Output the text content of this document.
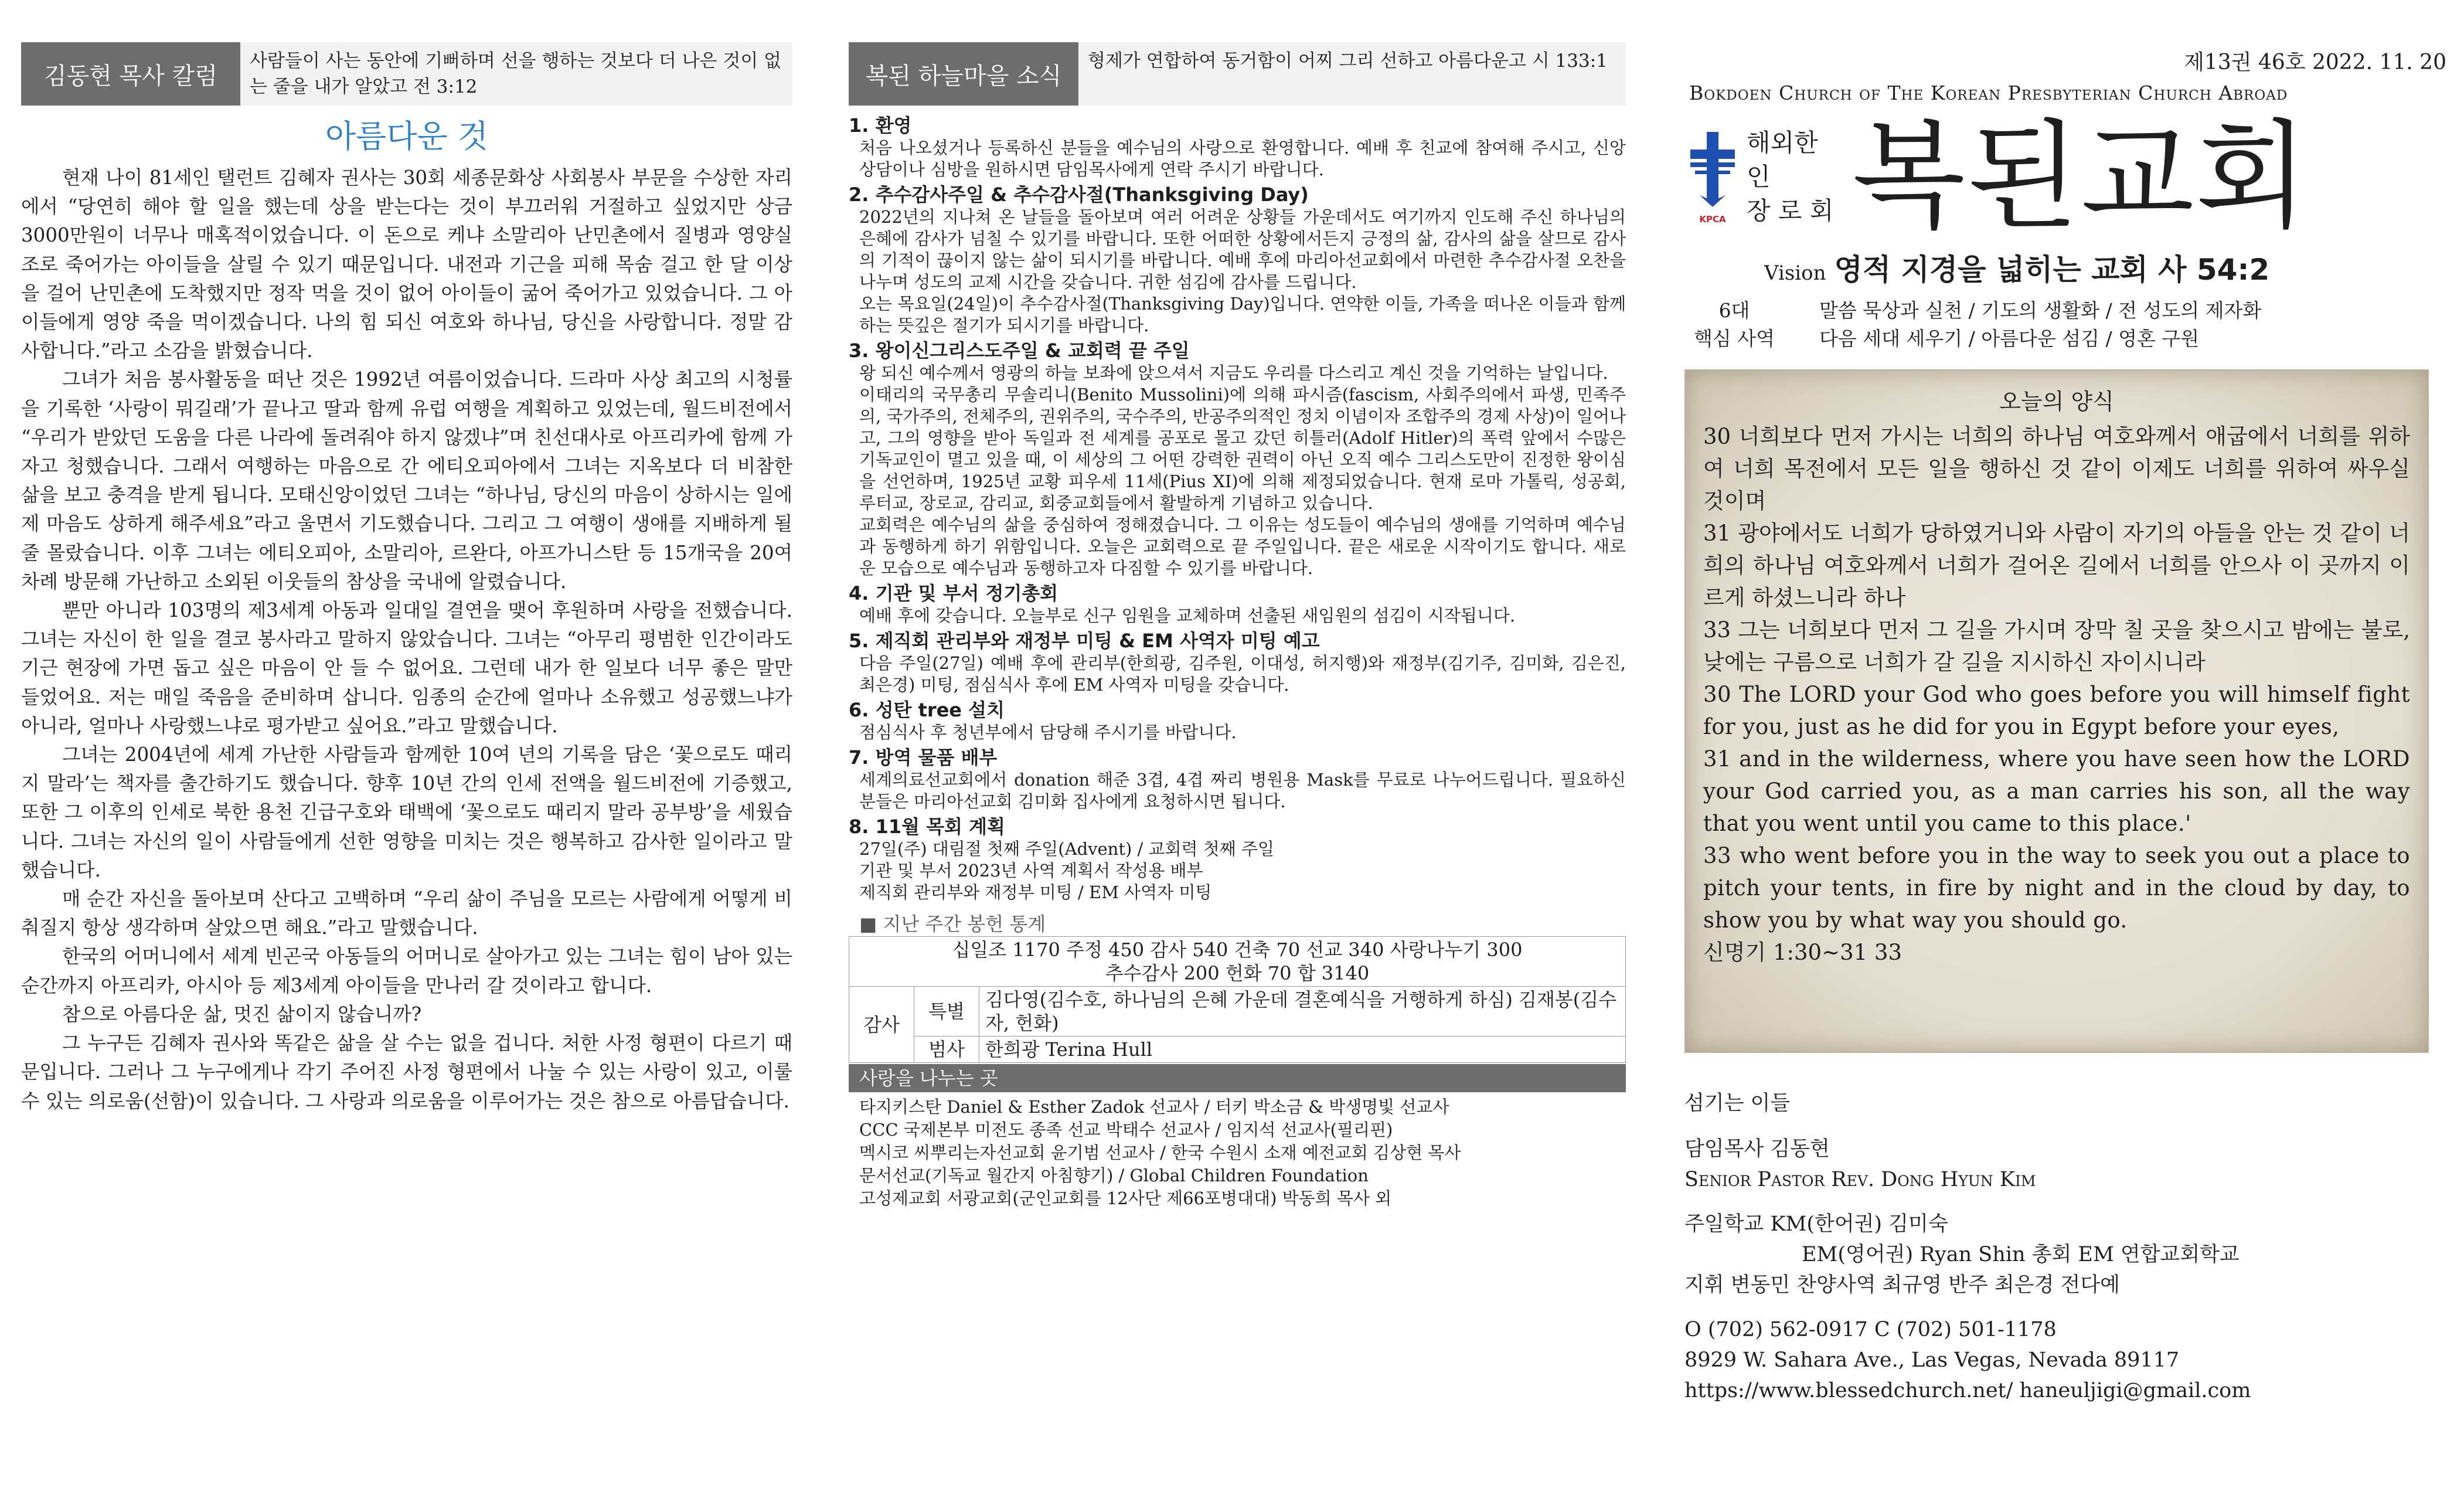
김동현 목사 칼럼
사람들이 사는 동안에 기뻐하며 선을 행하는 것보다 더 나은 것이 없는 줄을 내가 알았고 전 3:12
아름다운 것

현재 나이 81세인 탤런트 김혜자 권사는 30회 세종문화상 사회봉사 부문을 수상한 자리에서 “당연히 해야 할 일을 했는데 상을 받는다는 것이 부끄러워 거절하고 싶었지만 상금 3000만원이 너무나 매혹적이었습니다. 이 돈으로 케냐 소말리아 난민촌에서 질병과 영양실조로 죽어가는 아이들을 살릴 수 있기 때문입니다. 내전과 기근을 피해 목숨 걸고 한 달 이상을 걸어 난민촌에 도착했지만 정작 먹을 것이 없어 아이들이 굶어 죽어가고 있었습니다. 그 아이들에게 영양 죽을 먹이겠습니다. 나의 힘 되신 여호와 하나님, 당신을 사랑합니다. 정말 감사합니다.”라고 소감을 밝혔습니다.

그녀가 처음 봉사활동을 떠난 것은 1992년 여름이었습니다. 드라마 사상 최고의 시청률을 기록한 ‘사랑이 뭐길래’가 끝나고 딸과 함께 유럽 여행을 계획하고 있었는데, 월드비전에서 “우리가 받았던 도움을 다른 나라에 돌려줘야 하지 않겠냐”며 친선대사로 아프리카에 함께 가자고 청했습니다. 그래서 여행하는 마음으로 간 에티오피아에서 그녀는 지옥보다 더 비참한 삶을 보고 충격을 받게 됩니다. 모태신앙이었던 그녀는 “하나님, 당신의 마음이 상하시는 일에 제 마음도 상하게 해주세요”라고 울면서 기도했습니다. 그리고 그 여행이 생애를 지배하게 될 줄 몰랐습니다. 이후 그녀는 에티오피아, 소말리아, 르완다, 아프가니스탄 등 15개국을 20여 차례 방문해 가난하고 소외된 이웃들의 참상을 국내에 알렸습니다.

뿐만 아니라 103명의 제3세계 아동과 일대일 결연을 맺어 후원하며 사랑을 전했습니다. 그녀는 자신이 한 일을 결코 봉사라고 말하지 않았습니다. 그녀는 “아무리 평범한 인간이라도 기근 현장에 가면 돕고 싶은 마음이 안 들 수 없어요. 그런데 내가 한 일보다 너무 좋은 말만 들었어요. 저는 매일 죽음을 준비하며 삽니다. 임종의 순간에 얼마나 소유했고 성공했느냐가 아니라, 얼마나 사랑했느냐로 평가받고 싶어요.”라고 말했습니다.

그녀는 2004년에 세계 가난한 사람들과 함께한 10여 년의 기록을 담은 ‘꽃으로도 때리지 말라’는 책자를 출간하기도 했습니다. 향후 10년 간의 인세 전액을 월드비전에 기증했고, 또한 그 이후의 인세로 북한 용천 긴급구호와 태백에 ‘꽃으로도 때리지 말라 공부방’을 세웠습니다. 그녀는 자신의 일이 사람들에게 선한 영향을 미치는 것은 행복하고 감사한 일이라고 말했습니다.

매 순간 자신을 돌아보며 산다고 고백하며 “우리 삶이 주님을 모르는 사람에게 어떻게 비춰질지 항상 생각하며 살았으면 해요.”라고 말했습니다.

한국의 어머니에서 세계 빈곤국 아동들의 어머니로 살아가고 있는 그녀는 힘이 남아 있는 순간까지 아프리카, 아시아 등 제3세계 아이들을 만나러 갈 것이라고 합니다.

참으로 아름다운 삶, 멋진 삶이지 않습니까?

그 누구든 김혜자 권사와 똑같은 삶을 살 수는 없을 겁니다. 처한 사정 형편이 다르기 때문입니다. 그러나 그 누구에게나 각기 주어진 사정 형편에서 나눌 수 있는 사랑이 있고, 이룰 수 있는 의로움(선함)이 있습니다. 그 사랑과 의로움을 이루어가는 것은 참으로 아름답습니다.

복된 하늘마을 소식
형제가 연합하여 동거함이 어찌 그리 선하고 아름다운고 시 133:1
1. 환영
처음 나오셨거나 등록하신 분들을 예수님의 사랑으로 환영합니다. 예배 후 친교에 참여해 주시고, 신앙 상담이나 심방을 원하시면 담임목사에게 연락 주시기 바랍니다.
2. 추수감사주일 & 추수감사절(Thanksgiving Day)
2022년의 지나쳐 온 날들을 돌아보며 여러 어려운 상황들 가운데서도 여기까지 인도해 주신 하나님의 은혜에 감사가 넘칠 수 있기를 바랍니다. 또한 어떠한 상황에서든지 긍정의 삶, 감사의 삶을 살므로 감사의 기적이 끊이지 않는 삶이 되시기를 바랍니다. 예배 후에 마리아선교회에서 마련한 추수감사절 오찬을 나누며 성도의 교제 시간을 갖습니다. 귀한 섬김에 감사를 드립니다.
오는 목요일(24일)이 추수감사절(Thanksgiving Day)입니다. 연약한 이들, 가족을 떠나온 이들과 함께하는 뜻깊은 절기가 되시기를 바랍니다.
3. 왕이신그리스도주일 & 교회력 끝 주일
왕 되신 예수께서 영광의 하늘 보좌에 앉으셔서 지금도 우리를 다스리고 계신 것을 기억하는 날입니다.
이태리의 국무총리 무솔리니(Benito Mussolini)에 의해 파시즘(fascism, 사회주의에서 파생, 민족주의, 국가주의, 전체주의, 권위주의, 국수주의, 반공주의적인 정치 이념이자 조합주의 경제 사상)이 일어나고, 그의 영향을 받아 독일과 전 세계를 공포로 몰고 갔던 히틀러(Adolf Hitler)의 폭력 앞에서 수많은 기독교인이 멸고 있을 때, 이 세상의 그 어떤 강력한 권력이 아닌 오직 예수 그리스도만이 진정한 왕이심을 선언하며, 1925년 교황 피우세 11세(Pius XI)에 의해 제정되었습니다. 현재 로마 가톨릭, 성공회, 루터교, 장로교, 감리교, 회중교회들에서 활발하게 기념하고 있습니다.
교회력은 예수님의 삶을 중심하여 정해졌습니다. 그 이유는 성도들이 예수님의 생애를 기억하며 예수님과 동행하게 하기 위함입니다. 오늘은 교회력으로 끝 주일입니다. 끝은 새로운 시작이기도 합니다. 새로운 모습으로 예수님과 동행하고자 다짐할 수 있기를 바랍니다.
4. 기관 및 부서 정기총회
예배 후에 갖습니다. 오늘부로 신구 임원을 교체하며 선출된 새임원의 섬김이 시작됩니다.
5. 제직회 관리부와 재정부 미팅 & EM 사역자 미팅 예고
다음 주일(27일) 예배 후에 관리부(한희광, 김주원, 이대성, 허지행)와 재정부(김기주, 김미화, 김은진, 최은경) 미팅, 점심식사 후에 EM 사역자 미팅을 갖습니다.
6. 성탄 tree 설치
점심식사 후 청년부에서 담당해 주시기를 바랍니다.
7. 방역 물품 배부
세계의료선교회에서 donation 해준 3겹, 4겹 짜리 병원용 Mask를 무료로 나누어드립니다. 필요하신 분들은 마리아선교회 김미화 집사에게 요청하시면 됩니다.
8. 11월 목회 계획
27일(주) 대림절 첫째 주일(Advent) / 교회력 첫째 주일
기관 및 부서 2023년 사역 계획서 작성용 배부
제직회 관리부와 재정부 미팅 / EM 사역자 미팅
■ 지난 주간 봉헌 통계
십일조 1170 주정 450 감사 540 건축 70 선교 340 사랑나누기 300
추수감사 200 헌화 70 합 3140		

감사	특별	김다영(김수호, 하나님의 은혜 가운데 결혼예식을 거행하게 하심) 김재봉(김수자, 헌화)
	범사	한희광 Terina Hull
사랑을 나누는 곳
타지키스탄 Daniel & Esther Zadok 선교사 / 터키 박소금 & 박생명빛 선교사
CCC 국제본부 미전도 종족 선교 박태수 선교사 / 임지석 선교사(필리핀)
멕시코 씨뿌리는자선교회 윤기범 선교사 / 한국 수원시 소재 예전교회 김상현 목사
문서선교(기독교 월간지 아침향기) / Global Children Foundation
고성제교회 서광교회(군인교회를 12사단 제66포병대대) 박동희 목사 외
제13권 46호 2022. 11. 20
Bokdoen Church of The Korean Presbyterian Church Abroad
KPCA
해외한인
장 로 회 복된교회
Vision 영적 지경을 넓히는 교회 사 54:2
6대
핵심 사역
말씀 묵상과 실천 / 기도의 생활화 / 전 성도의 제자화
다음 세대 세우기 / 아름다운 섬김 / 영혼 구원
오늘의 양식
30 너희보다 먼저 가시는 너희의 하나님 여호와께서 애굽에서 너희를 위하여 너희 목전에서 모든 일을 행하신 것 같이 이제도 너희를 위하여 싸우실 것이며
31 광야에서도 너희가 당하였거니와 사람이 자기의 아들을 안는 것 같이 너희의 하나님 여호와께서 너희가 걸어온 길에서 너희를 안으사 이 곳까지 이르게 하셨느니라 하나
33 그는 너희보다 먼저 그 길을 가시며 장막 칠 곳을 찾으시고 밤에는 불로, 낮에는 구름으로 너희가 갈 길을 지시하신 자이시니라
30 The LORD your God who goes before you will himself fight for you, just as he did for you in Egypt before your eyes,
31 and in the wilderness, where you have seen how the LORD your God carried you, as a man carries his son, all the way that you went until you came to this place.'
33 who went before you in the way to seek you out a place to pitch your tents, in fire by night and in the cloud by day, to show you by what way you should go.
신명기 1:30~31 33
섬기는 이들
담임목사 김동현
Senior Pastor Rev. Dong Hyun Kim
주일학교 KM(한어권) 김미숙
EM(영어권) Ryan Shin 총회 EM 연합교회학교
지휘 변동민 찬양사역 최규영 반주 최은경 전다예
O (702) 562-0917 C (702) 501-1178
8929 W. Sahara Ave., Las Vegas, Nevada 89117
https://www.blessedchurch.net/ haneuljigi@gmail.com
